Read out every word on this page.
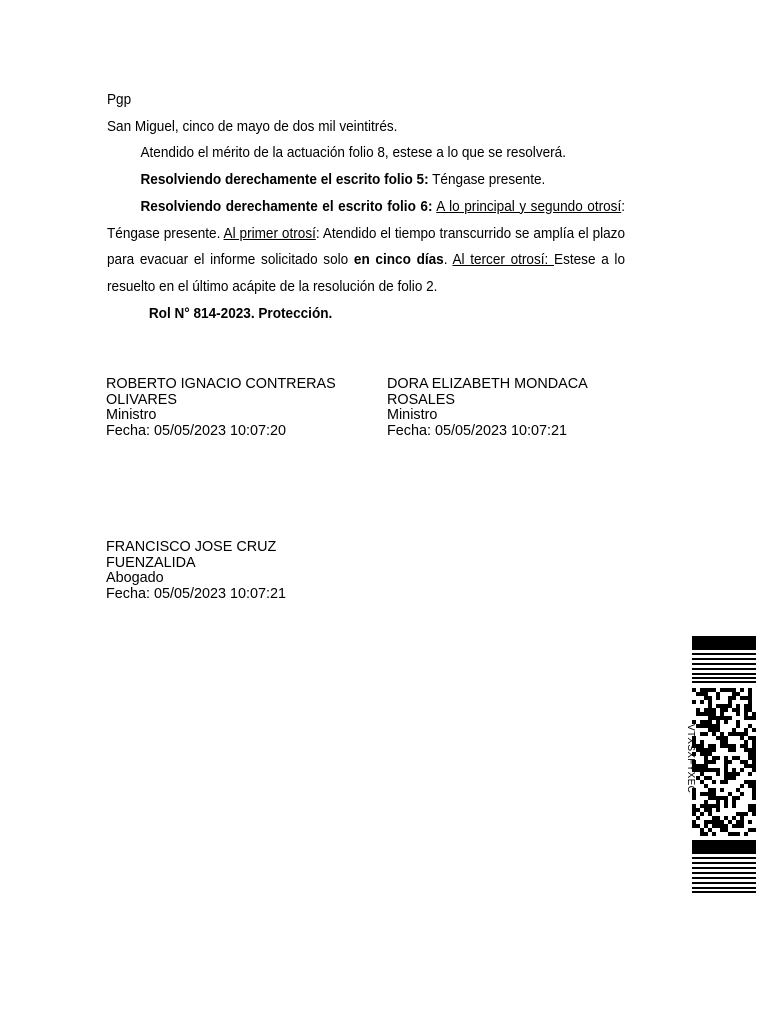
Pgp

San Miguel, cinco de mayo de dos mil veintitrés.

Atendido el mérito de la actuación folio 8, estese a lo que se resolverá.

Resolviendo derechamente el escrito folio 5: Téngase presente.

Resolviendo derechamente el escrito folio 6: A lo principal y segundo otrosí: Téngase presente. Al primer otrosí: Atendido el tiempo transcurrido se amplía el plazo para evacuar el informe solicitado solo en cinco días. Al tercer otrosí: Estese a lo resuelto en el último acápite de la resolución de folio 2.

Rol N° 814-2023. Protección.

ROBERTO IGNACIO CONTRERAS
OLIVARES
Ministro
Fecha: 05/05/2023 10:07:20
DORA ELIZABETH MONDACA
ROSALES
Ministro
Fecha: 05/05/2023 10:07:21
FRANCISCO JOSE CRUZ
FUENZALIDA
Abogado
Fecha: 05/05/2023 10:07:21
VTXSXFYXEC
